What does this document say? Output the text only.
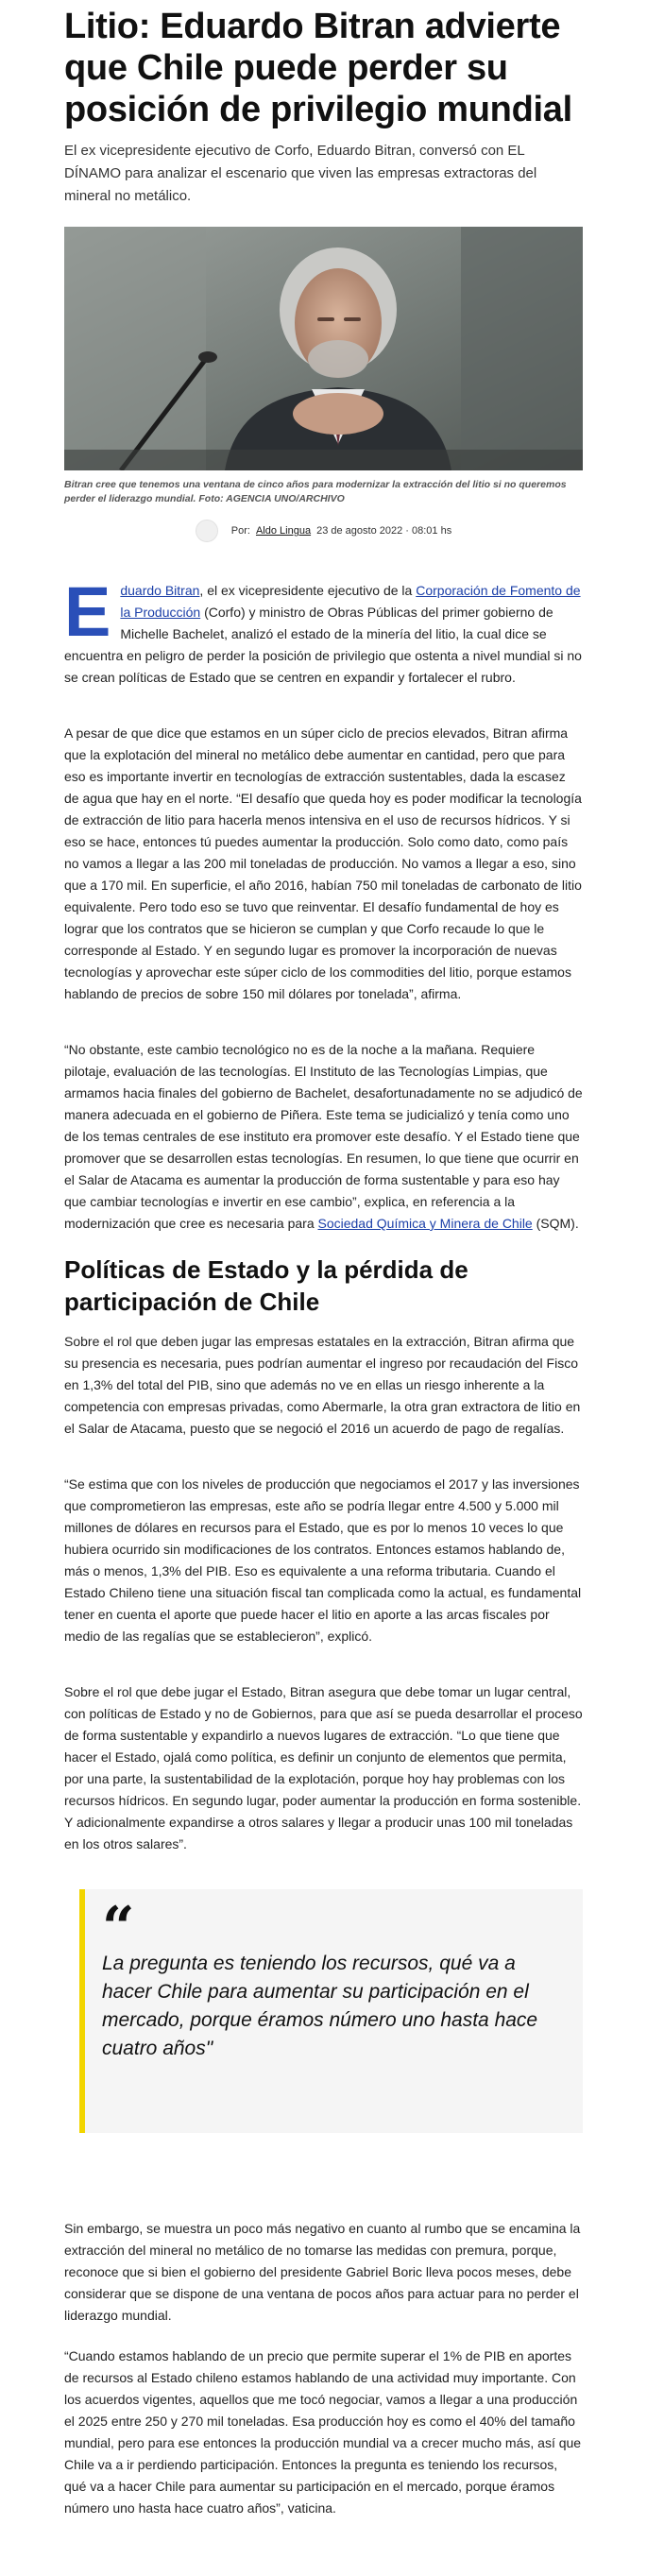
Litio: Eduardo Bitran advierte que Chile puede perder su posición de privilegio mundial

El ex vicepresidente ejecutivo de Corfo, Eduardo Bitran, conversó con EL DÍNAMO para analizar el escenario que viven las empresas extractoras del mineral no metálico.

Bitran cree que tenemos una ventana de cinco años para modernizar la extracción del litio si no queremos perder el liderazgo mundial. Foto: AGENCIA UNO/ARCHIVO

Por: Aldo Lingua 23 de agosto 2022 · 08:01 hs

Eduardo Bitran, el ex vicepresidente ejecutivo de la Corporación de Fomento de la Producción (Corfo) y ministro de Obras Públicas del primer gobierno de Michelle Bachelet, analizó el estado de la minería del litio, la cual dice se encuentra en peligro de perder la posición de privilegio que ostenta a nivel mundial si no se crean políticas de Estado que se centren en expandir y fortalecer el rubro.

A pesar de que dice que estamos en un súper ciclo de precios elevados, Bitran afirma que la explotación del mineral no metálico debe aumentar en cantidad, pero que para eso es importante invertir en tecnologías de extracción sustentables, dada la escasez de agua que hay en el norte. “El desafío que queda hoy es poder modificar la tecnología de extracción de litio para hacerla menos intensiva en el uso de recursos hídricos. Y si eso se hace, entonces tú puedes aumentar la producción. Solo como dato, como país no vamos a llegar a las 200 mil toneladas de producción. No vamos a llegar a eso, sino que a 170 mil. En superficie, el año 2016, habían 750 mil toneladas de carbonato de litio equivalente. Pero todo eso se tuvo que reinventar. El desafío fundamental de hoy es lograr que los contratos que se hicieron se cumplan y que Corfo recaude lo que le corresponde al Estado. Y en segundo lugar es promover la incorporación de nuevas tecnologías y aprovechar este súper ciclo de los commodities del litio, porque estamos hablando de precios de sobre 150 mil dólares por tonelada”, afirma.

“No obstante, este cambio tecnológico no es de la noche a la mañana. Requiere pilotaje, evaluación de las tecnologías. El Instituto de las Tecnologías Limpias, que armamos hacia finales del gobierno de Bachelet, desafortunadamente no se adjudicó de manera adecuada en el gobierno de Piñera. Este tema se judicializó y tenía como uno de los temas centrales de ese instituto era promover este desafío. Y el Estado tiene que promover que se desarrollen estas tecnologías. En resumen, lo que tiene que ocurrir en el Salar de Atacama es aumentar la producción de forma sustentable y para eso hay que cambiar tecnologías e invertir en ese cambio”, explica, en referencia a la modernización que cree es necesaria para Sociedad Química y Minera de Chile (SQM).

Políticas de Estado y la pérdida de participación de Chile

Sobre el rol que deben jugar las empresas estatales en la extracción, Bitran afirma que su presencia es necesaria, pues podrían aumentar el ingreso por recaudación del Fisco en 1,3% del total del PIB, sino que además no ve en ellas un riesgo inherente a la competencia con empresas privadas, como Abermarle, la otra gran extractora de litio en el Salar de Atacama, puesto que se negoció el 2016 un acuerdo de pago de regalías.

“Se estima que con los niveles de producción que negociamos el 2017 y las inversiones que comprometieron las empresas, este año se podría llegar entre 4.500 y 5.000 mil millones de dólares en recursos para el Estado, que es por lo menos 10 veces lo que hubiera ocurrido sin modificaciones de los contratos. Entonces estamos hablando de, más o menos, 1,3% del PIB. Eso es equivalente a una reforma tributaria. Cuando el Estado Chileno tiene una situación fiscal tan complicada como la actual, es fundamental tener en cuenta el aporte que puede hacer el litio en aporte a las arcas fiscales por medio de las regalías que se establecieron”, explicó.

Sobre el rol que debe jugar el Estado, Bitran asegura que debe tomar un lugar central, con políticas de Estado y no de Gobiernos, para que así se pueda desarrollar el proceso de forma sustentable y expandirlo a nuevos lugares de extracción. “Lo que tiene que hacer el Estado, ojalá como política, es definir un conjunto de elementos que permita, por una parte, la sustentabilidad de la explotación, porque hoy hay problemas con los recursos hídricos. En segundo lugar, poder aumentar la producción en forma sostenible. Y adicionalmente expandirse a otros salares y llegar a producir unas 100 mil toneladas en los otros salares”.

“

La pregunta es teniendo los recursos, qué va a hacer Chile para aumentar su participación en el mercado, porque éramos número uno hasta hace cuatro años"

Sin embargo, se muestra un poco más negativo en cuanto al rumbo que se encamina la extracción del mineral no metálico de no tomarse las medidas con premura, porque, reconoce que si bien el gobierno del presidente Gabriel Boric lleva pocos meses, debe considerar que se dispone de una ventana de pocos años para actuar para no perder el liderazgo mundial.

“Cuando estamos hablando de un precio que permite superar el 1% de PIB en aportes de recursos al Estado chileno estamos hablando de una actividad muy importante. Con los acuerdos vigentes, aquellos que me tocó negociar, vamos a llegar a una producción el 2025 entre 250 y 270 mil toneladas. Esa producción hoy es como el 40% del tamaño mundial, pero para ese entonces la producción mundial va a crecer mucho más, así que Chile va a ir perdiendo participación. Entonces la pregunta es teniendo los recursos, qué va a hacer Chile para aumentar su participación en el mercado, porque éramos número uno hasta hace cuatro años”, vaticina.
